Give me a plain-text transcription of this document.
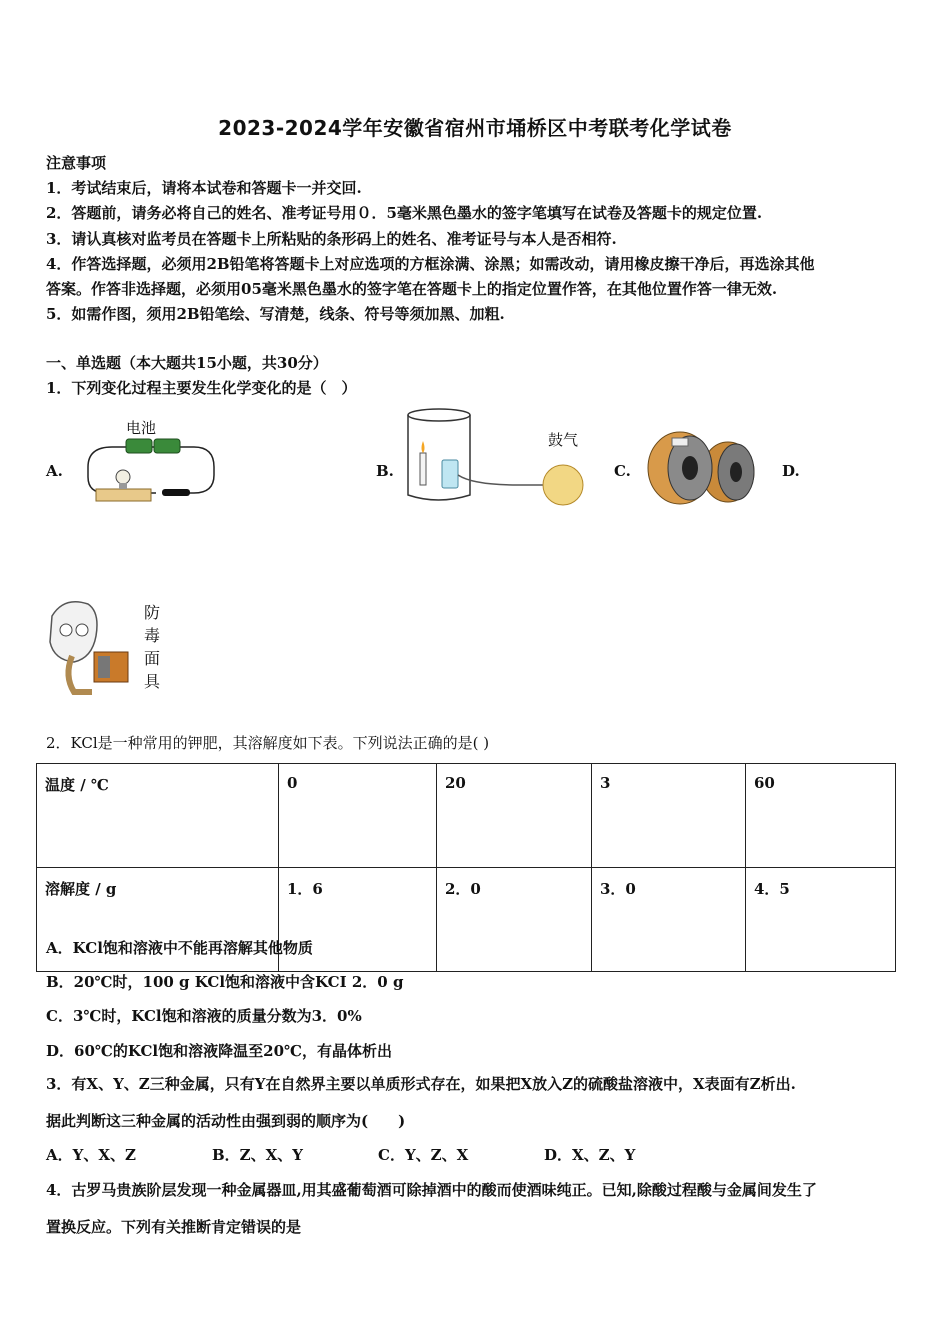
2023-2024学年安徽省宿州市埇桥区中考联考化学试卷
注意事项
1．考试结束后，请将本试卷和答题卡一并交回.
2．答题前，请务必将自己的姓名、准考证号用０．5毫米黑色墨水的签字笔填写在试卷及答题卡的规定位置.
3．请认真核对监考员在答题卡上所粘贴的条形码上的姓名、准考证号与本人是否相符.
4．作答选择题，必须用2B铅笔将答题卡上对应选项的方框涂满、涂黑；如需改动，请用橡皮擦干净后，再选涂其他
答案。作答非选择题，必须用05毫米黑色墨水的签字笔在答题卡上的指定位置作答，在其他位置作答一律无效.
5．如需作图，须用2B铅笔绘、写清楚，线条、符号等须加黑、加粗.
一、单选题（本大题共15小题，共30分）
1．下列变化过程主要发生化学变化的是（　）
A.
电池
B.
鼓气
C.	D.
防
毒
面
具
2．KCl是一种常用的钾肥，其溶解度如下表。下列说法正确的是( )
温度 / ℃	0	20	3	60
溶解度 / g	1．6	2．0	3．0	4．5
A．KCl饱和溶液中不能再溶解其他物质
B．20℃时，100 g KCl饱和溶液中含KCI 2．0 g
C．3℃时，KCl饱和溶液的质量分数为3．0%
D．60℃的KCl饱和溶液降温至20℃，有晶体析出
3．有X、Y、Z三种金属，只有Y在自然界主要以单质形式存在，如果把X放入Z的硫酸盐溶液中，X表面有Z析出.
据此判断这三种金属的活动性由强到弱的顺序为(　　)
A．Y、X、Z	B．Z、X、Y	C．Y、Z、X	D．X、Z、Y
4．古罗马贵族阶层发现一种金属器皿,用其盛葡萄酒可除掉酒中的酸而使酒味纯正。已知,除酸过程酸与金属间发生了
置换反应。下列有关推断肯定错误的是
